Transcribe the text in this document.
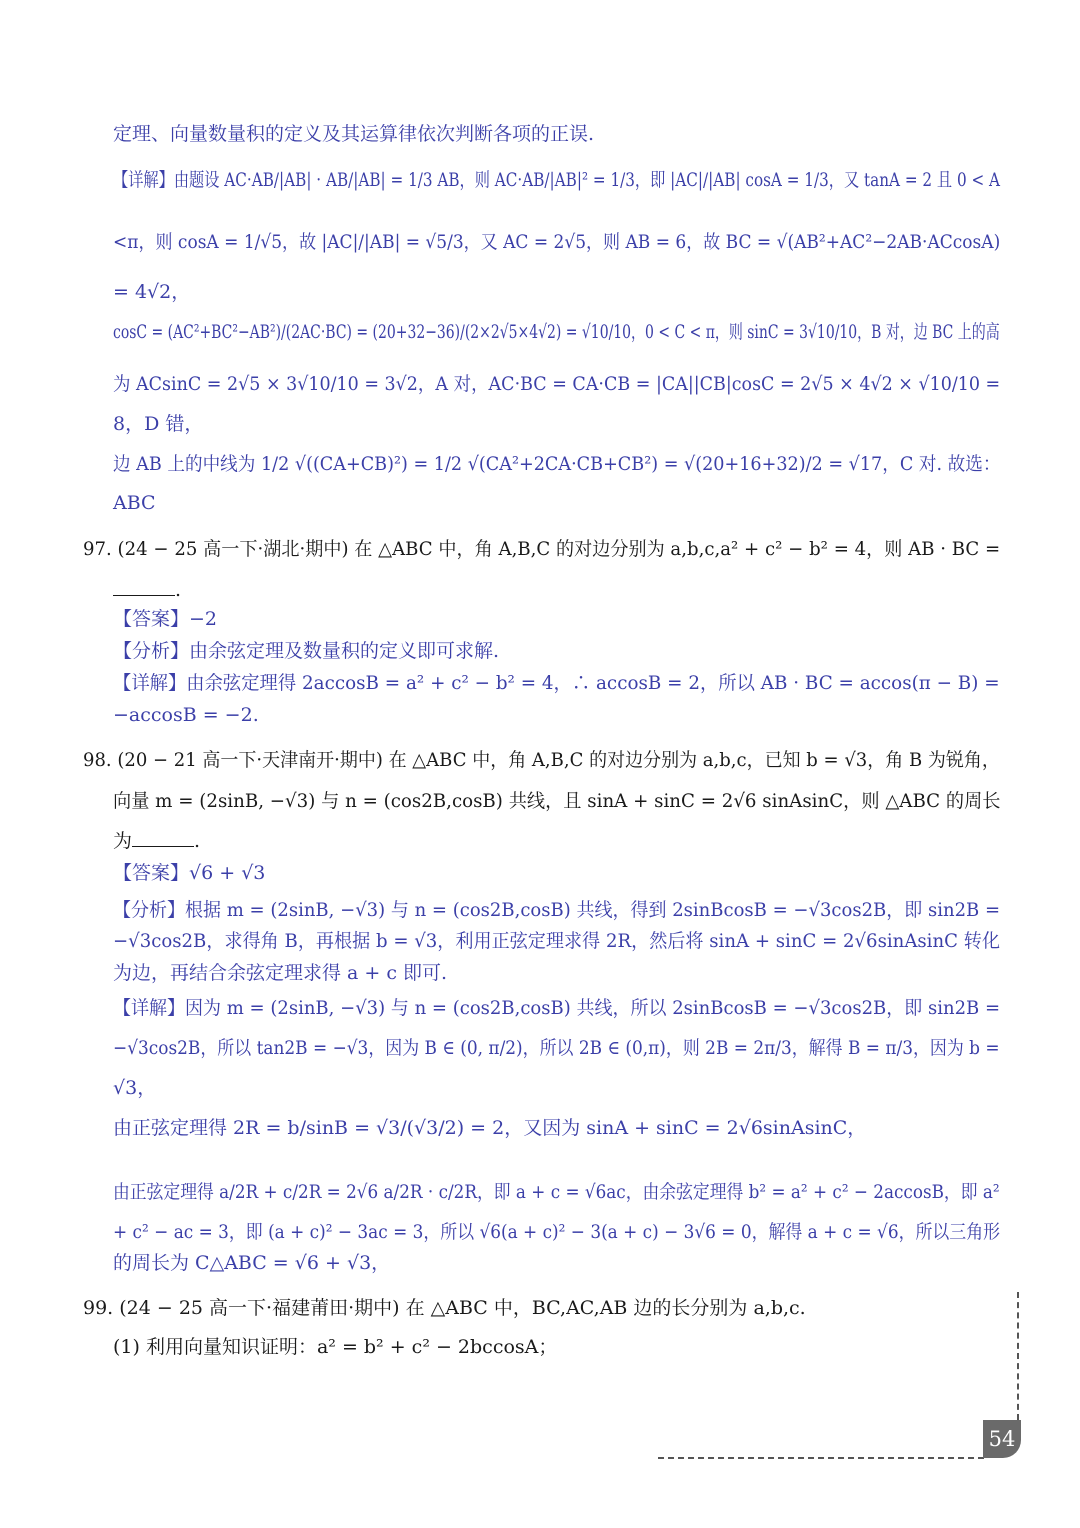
定理、向量数量积的定义及其运算律依次判断各项的正误.
【详解】由题设 AC·AB/|AB| · AB/|AB| = 1/3 AB，则 AC·AB/|AB|² = 1/3，即 |AC|/|AB| cosA = 1/3，又 tanA = 2 且 0 < A
<π，则 cosA = 1/√5，故 |AC|/|AB| = √5/3，又 AC = 2√5，则 AB = 6，故 BC = √(AB²+AC²−2AB·ACcosA)
= 4√2，
cosC = (AC²+BC²−AB²)/(2AC·BC) = (20+32−36)/(2×2√5×4√2) = √10/10，0 < C < π，则 sinC = 3√10/10，B 对，边 BC 上的高
为 ACsinC = 2√5 × 3√10/10 = 3√2，A 对，AC·BC = CA·CB = |CA||CB|cosC = 2√5 × 4√2 × √10/10 =
8，D 错，
边 AB 上的中线为 1/2 √((CA+CB)²) = 1/2 √(CA²+2CA·CB+CB²) = √(20+16+32)/2 = √17，C 对. 故选：
ABC
97. (24 − 25 高一下·湖北·期中) 在 △ABC 中，角 A,B,C 的对边分别为 a,b,c,a² + c² − b² = 4，则 AB · BC =
.
【答案】−2
【分析】由余弦定理及数量积的定义即可求解.
【详解】由余弦定理得 2accosB = a² + c² − b² = 4，∴ accosB = 2，所以 AB · BC = accos(π − B) =
−accosB = −2.
98. (20 − 21 高一下·天津南开·期中) 在 △ABC 中，角 A,B,C 的对边分别为 a,b,c，已知 b = √3，角 B 为锐角，
向量 m = (2sinB, −√3) 与 n = (cos2B,cosB) 共线，且 sinA + sinC = 2√6 sinAsinC，则 △ABC 的周长
为	.
【答案】√6 + √3
【分析】根据 m = (2sinB, −√3) 与 n = (cos2B,cosB) 共线，得到 2sinBcosB = −√3cos2B，即 sin2B =
−√3cos2B，求得角 B，再根据 b = √3，利用正弦定理求得 2R，然后将 sinA + sinC = 2√6sinAsinC 转化
为边，再结合余弦定理求得 a + c 即可.
【详解】因为 m = (2sinB, −√3) 与 n = (cos2B,cosB) 共线，所以 2sinBcosB = −√3cos2B，即 sin2B =
−√3cos2B，所以 tan2B = −√3，因为 B ∈ (0, π/2)，所以 2B ∈ (0,π)，则 2B = 2π/3，解得 B = π/3，因为 b =
√3，
由正弦定理得 2R = b/sinB = √3/(√3/2) = 2，又因为 sinA + sinC = 2√6sinAsinC，
由正弦定理得 a/2R + c/2R = 2√6 a/2R · c/2R，即 a + c = √6ac，由余弦定理得 b² = a² + c² − 2accosB，即 a²
+ c² − ac = 3，即 (a + c)² − 3ac = 3，所以 √6(a + c)² − 3(a + c) − 3√6 = 0，解得 a + c = √6，所以三角形
的周长为 C△ABC = √6 + √3，
99. (24 − 25 高一下·福建莆田·期中) 在 △ABC 中，BC,AC,AB 边的长分别为 a,b,c.
(1) 利用向量知识证明：a² = b² + c² − 2bccosA；
54
